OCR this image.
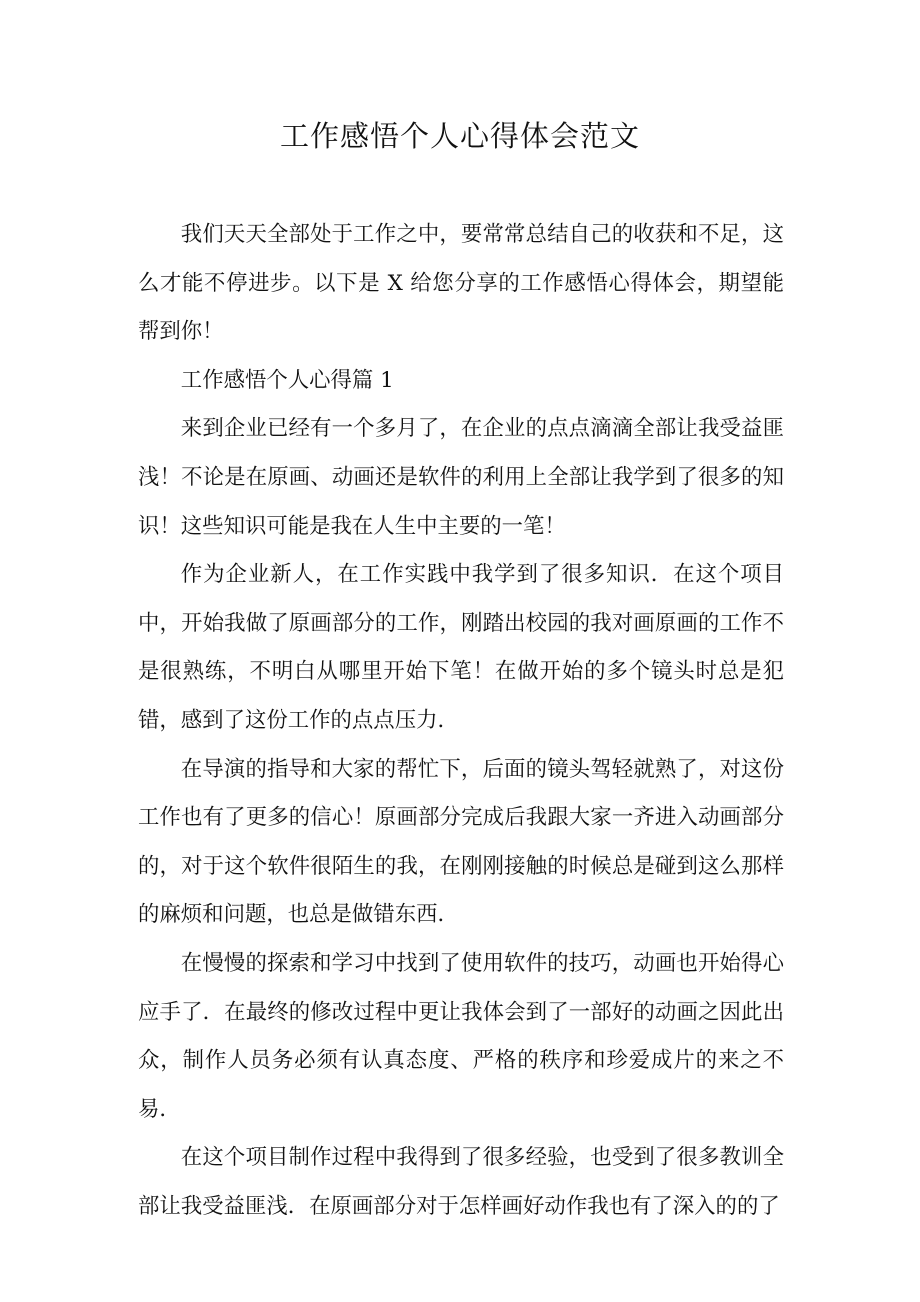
工作感悟个人心得体会范文

我们天天全部处于工作之中，要常常总结自己的收获和不足，这么才能不停进步。以下是 X 给您分享的工作感悟心得体会，期望能帮到你！

工作感悟个人心得篇 1

来到企业已经有一个多月了，在企业的点点滴滴全部让我受益匪浅！不论是在原画、动画还是软件的利用上全部让我学到了很多的知识！这些知识可能是我在人生中主要的一笔！

作为企业新人，在工作实践中我学到了很多知识．在这个项目中，开始我做了原画部分的工作，刚踏出校园的我对画原画的工作不是很熟练，不明白从哪里开始下笔！在做开始的多个镜头时总是犯错，感到了这份工作的点点压力．

在导演的指导和大家的帮忙下，后面的镜头驾轻就熟了，对这份工作也有了更多的信心！原画部分完成后我跟大家一齐进入动画部分的，对于这个软件很陌生的我，在刚刚接触的时候总是碰到这么那样的麻烦和问题，也总是做错东西．

在慢慢的探索和学习中找到了使用软件的技巧，动画也开始得心应手了．在最终的修改过程中更让我体会到了一部好的动画之因此出众，制作人员务必须有认真态度、严格的秩序和珍爱成片的来之不易．

在这个项目制作过程中我得到了很多经验，也受到了很多教训全部让我受益匪浅．在原画部分对于怎样画好动作我也有了深入的的了
